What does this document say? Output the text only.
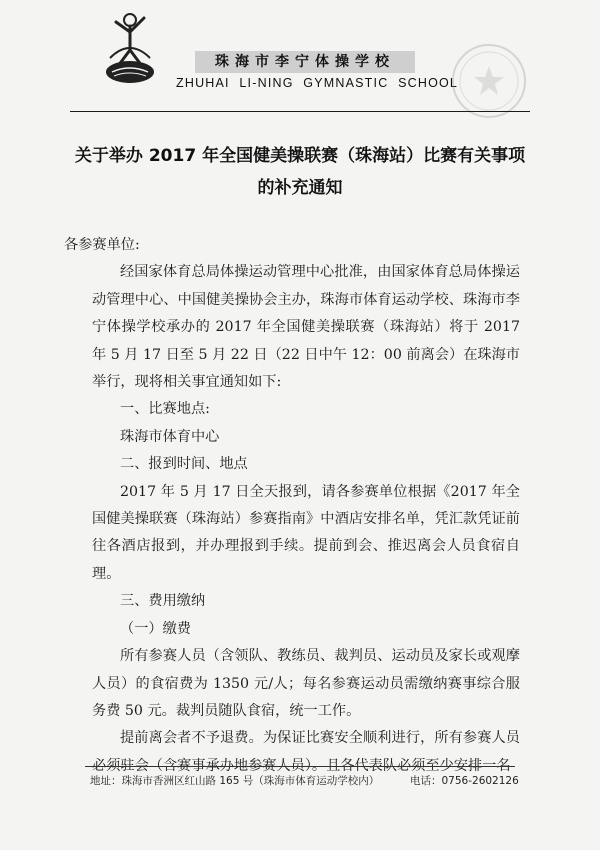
珠海市李宁体操学校
ZHUHAI LI-NING GYMNASTIC SCHOOL
关于举办 2017 年全国健美操联赛（珠海站）比赛有关事项
的补充通知

各参赛单位:

经国家体育总局体操运动管理中心批准，由国家体育总局体操运动管理中心、中国健美操协会主办，珠海市体育运动学校、珠海市李宁体操学校承办的 2017 年全国健美操联赛（珠海站）将于 2017 年 5 月 17 日至 5 月 22 日（22 日中午 12：00 前离会）在珠海市举行，现将相关事宜通知如下:

一、比赛地点:

珠海市体育中心

二、报到时间、地点

2017 年 5 月 17 日全天报到，请各参赛单位根据《2017 年全国健美操联赛（珠海站）参赛指南》中酒店安排名单，凭汇款凭证前往各酒店报到，并办理报到手续。提前到会、推迟离会人员食宿自理。

三、费用缴纳

（一）缴费

所有参赛人员（含领队、教练员、裁判员、运动员及家长或观摩人员）的食宿费为 1350 元/人；每名参赛运动员需缴纳赛事综合服务费 50 元。裁判员随队食宿，统一工作。

提前离会者不予退费。为保证比赛安全顺利进行，所有参赛人员必须驻会（含赛事承办地参赛人员）。且各代表队必须至少安排一名

地址：珠海市香洲区红山路 165 号（珠海市体育运动学校内）	电话：0756-2602126
